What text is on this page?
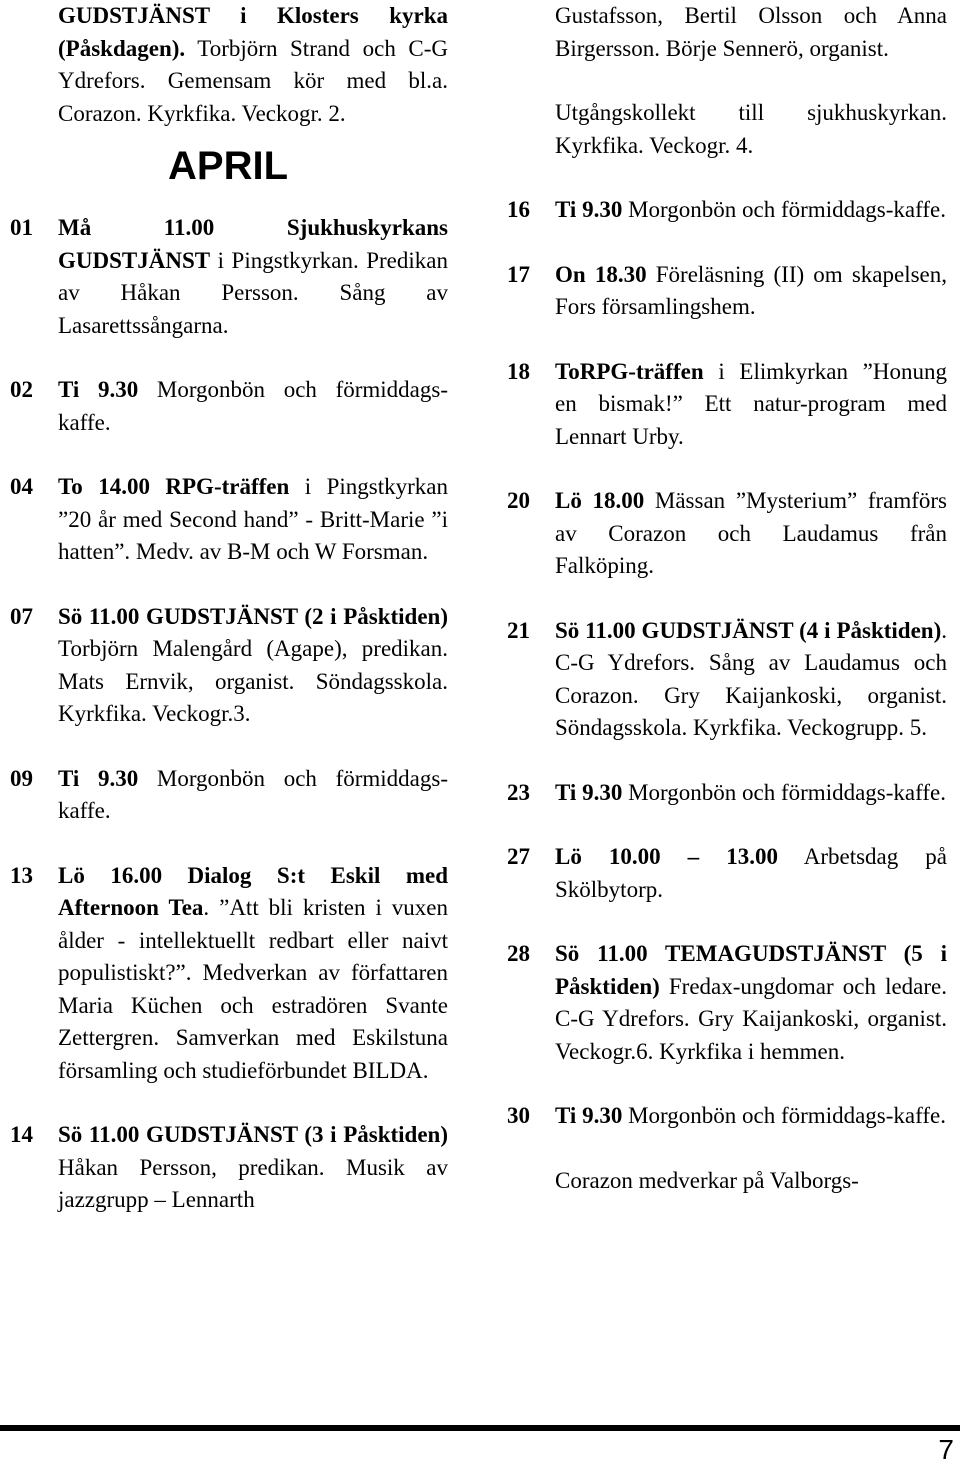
GUDSTJÄNST i Klosters kyrka (Påskdagen). Torbjörn Strand och C-G Ydrefors. Gemensam kör med bl.a. Corazon. Kyrkfika. Veckogr. 2.
APRIL
01	Må 11.00 Sjukhuskyrkans GUDSTJÄNST i Pingstkyrkan. Predikan av Håkan Persson. Sång av Lasarettssångarna.
02	Ti 9.30 Morgonbön och förmiddags-kaffe.
04	To 14.00 RPG-träffen i Pingstkyrkan ”20 år med Second hand” - Britt-Marie ”i hatten”. Medv. av B-M och W Forsman.
07	Sö 11.00 GUDSTJÄNST (2 i Påsktiden) Torbjörn Malengård (Agape), predikan. Mats Ernvik, organist. Söndagsskola. Kyrkfika. Veckogr.3.
09	Ti 9.30 Morgonbön och förmiddags-kaffe.
13	Lö 16.00 Dialog S:t Eskil med Afternoon Tea. ”Att bli kristen i vuxen ålder - intellektuellt redbart eller naivt populistiskt?”. Medverkan av författaren Maria Küchen och estradören Svante Zettergren. Samverkan med Eskilstuna församling och studieförbundet BILDA.
14	Sö 11.00 GUDSTJÄNST (3 i Påsktiden) Håkan Persson, predikan. Musik av jazzgrupp – Lennarth
Gustafsson, Bertil Olsson och Anna Birgersson. Börje Sennerö, organist.
Utgångskollekt till sjukhuskyrkan. Kyrkfika. Veckogr. 4.
16	Ti 9.30 Morgonbön och förmiddags-kaffe.
17	On 18.30 Föreläsning (II) om skapelsen, Fors församlingshem.
18	ToRPG-träffen i Elimkyrkan ”Honung en bismak!” Ett natur-program med Lennart Urby.
20	Lö 18.00 Mässan ”Mysterium” framförs av Corazon och Laudamus från Falköping.
21	Sö 11.00 GUDSTJÄNST (4 i Påsktiden). C-G Ydrefors. Sång av Laudamus och Corazon. Gry Kaijankoski, organist. Söndagsskola. Kyrkfika. Veckogrupp. 5.
23	Ti 9.30 Morgonbön och förmiddags-kaffe.
27	Lö 10.00 – 13.00 Arbetsdag på Skölbytorp.
28	Sö 11.00 TEMAGUDSTJÄNST (5 i Påsktiden) Fredax-ungdomar och ledare. C-G Ydrefors. Gry Kaijankoski, organist. Veckogr.6. Kyrkfika i hemmen.
30	Ti 9.30 Morgonbön och förmiddags-kaffe.
Corazon medverkar på Valborgs-
7
